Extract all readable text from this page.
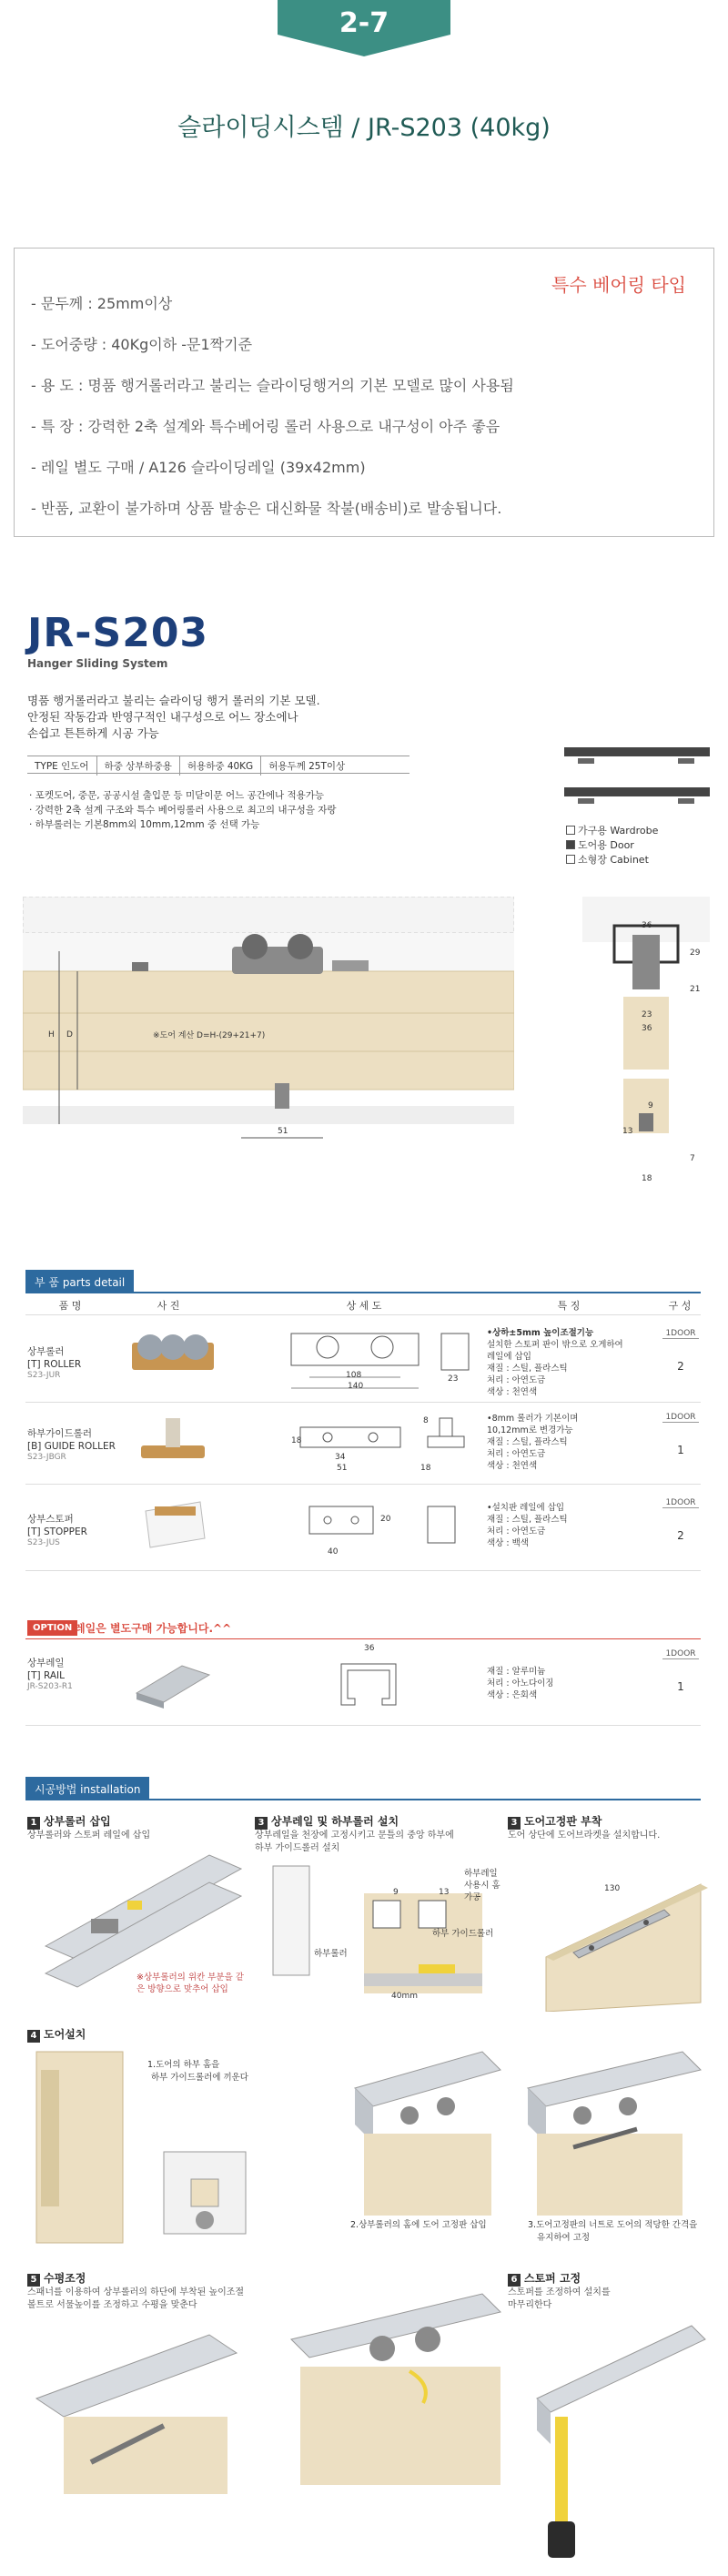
2-7
슬라이딩시스템 / JR-S203 (40kg)
특수 베어링 타입
- 문두께 : 25mm이상
- 도어중량 : 40Kg이하 -문1짝기준
- 용 도 : 명품 행거롤러라고 불리는 슬라이딩행거의 기본 모델로 많이 사용됨
- 특 장 : 강력한 2축 설계와 특수베어링 롤러 사용으로 내구성이 아주 좋음
- 레일 별도 구매 / A126 슬라이딩레일 (39x42mm)
- 반품, 교환이 불가하며 상품 발송은 대신화물 착불(배송비)로 발송됩니다.
JR-S203
Hanger Sliding System
명품 행거롤러라고 불리는 슬라이딩 행거 롤러의 기본 모델.
안정된 작동감과 반영구적인 내구성으로 어느 장소에나
손쉽고 튼튼하게 시공 가능
TYPE 인도어 하중 상부하중용 허용하중 40KG 허용두께 25T이상
· 포켓도어, 중문, 공공시설 출입문 등 미닫이문 어느 공간에나 적용가능
· 강력한 2축 설계 구조와 특수 베어링롤러 사용으로 최고의 내구성을 자랑
· 하부롤러는 기본8mm외 10mm,12mm 중 선택 가능	가구용 Wardrobe
도어용 Door
소형장 Cabinet
H D	※도어 계산 D=H-(29+21+7)
51
36
29
21
23
36
9
13
7
18
부 품 parts detail
품 명	사 진	상 세 도	특 징	구 성
상부롤러
[T] ROLLER
S23-JUR	108
140
23
•상하±5mm 높이조절기능
설치한 스토퍼 판이 밖으로 오게하여
레일에 삽입
재질 : 스틸, 플라스틱
처리 : 아연도금
색상 : 천연색
1DOOR
2
하부가이드롤러
[B] GUIDE ROLLER
S23-JBGR
18
34
51
8
18
•8mm 롤러가 기본이며
10,12mm로 변경가능
재질 : 스틸, 플라스틱
처리 : 아연도금
색상 : 천연색
1DOOR
1
상부스토퍼
[T] STOPPER
S23-JUS
40
20
•설치판 레일에 삽입
재질 : 스틸, 플라스틱
처리 : 아연도금
색상 : 백색
1DOOR
2
OPTION 레일은 별도구매 가능합니다.^^
상부레일
[T] RAIL
JR-S203-R1
36
재질 : 알루미늄
처리 : 아노다이징
색상 : 은회색
1DOOR
1
시공방법 installation
1 상부롤러 삽입
상부롤러와 스토퍼 레일에 삽입
※상부롤러의 위칸 부분을 같은 방향으로 맞추어 삽입
3 상부레일 및 하부롤러 설치
상부레일을 천장에 고정시키고 문틀의 중앙 하부에
하부 가이드롤러 설치
하부레일 사용시 홈 가공
하부 가이드롤러
하부롤러
9	13
40mm
3 도어고정판 부착
도어 상단에 도어브라켓을 설치합니다.
130
4 도어설치
1.도어의 하부 홈을
하부 가이드롤러에 끼운다
2.상부롤러의 홈에 도어 고정판 삽입	3.도어고정판의 너트로 도어의 적당한 간격을
유지하여 고정
5 수평조정
스패너를 이용하여 상부롤러의 하단에 부착된 높이조절
볼트로 서물높이를 조정하고 수평을 맞춘다
6 스토퍼 고정
스토퍼를 조정하여 설치를
마무리한다
